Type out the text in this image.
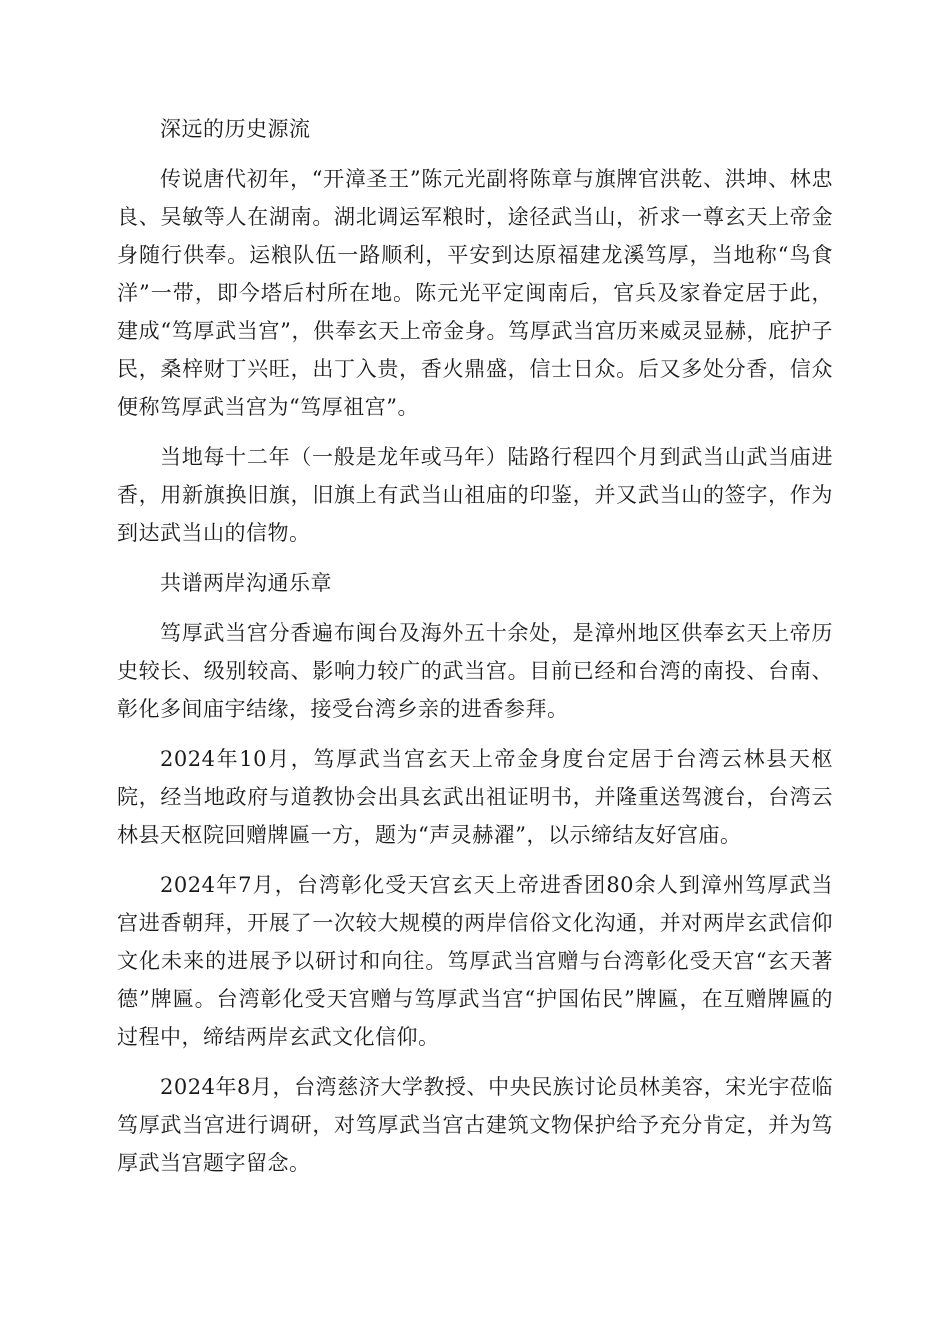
深远的历史源流

传说唐代初年，“开漳圣王”陈元光副将陈章与旗牌官洪乾、洪坤、林忠良、吴敏等人在湖南。湖北调运军粮时，途径武当山，祈求一尊玄天上帝金身随行供奉。运粮队伍一路顺利，平安到达原福建龙溪笃厚，当地称“鸟食洋”一带，即今塔后村所在地。陈元光平定闽南后，官兵及家眷定居于此，建成“笃厚武当宫”，供奉玄天上帝金身。笃厚武当宫历来威灵显赫，庇护子民，桑梓财丁兴旺，出丁入贵，香火鼎盛，信士日众。后又多处分香，信众便称笃厚武当宫为“笃厚祖宫”。

当地每十二年（一般是龙年或马年）陆路行程四个月到武当山武当庙进香，用新旗换旧旗，旧旗上有武当山祖庙的印鉴，并又武当山的签字，作为到达武当山的信物。

共谱两岸沟通乐章

笃厚武当宫分香遍布闽台及海外五十余处，是漳州地区供奉玄天上帝历史较长、级别较高、影响力较广的武当宫。目前已经和台湾的南投、台南、彰化多间庙宇结缘，接受台湾乡亲的进香参拜。

2024年10月，笃厚武当宫玄天上帝金身度台定居于台湾云林县天枢院，经当地政府与道教协会出具玄武出祖证明书，并隆重送驾渡台，台湾云林县天枢院回赠牌匾一方，题为“声灵赫濯”，以示缔结友好宫庙。

2024年7月，台湾彰化受天宫玄天上帝进香团80余人到漳州笃厚武当宫进香朝拜，开展了一次较大规模的两岸信俗文化沟通，并对两岸玄武信仰文化未来的进展予以研讨和向往。笃厚武当宫赠与台湾彰化受天宫“玄天著德”牌匾。台湾彰化受天宫赠与笃厚武当宫“护国佑民”牌匾，在互赠牌匾的过程中，缔结两岸玄武文化信仰。

2024年8月，台湾慈济大学教授、中央民族讨论员林美容，宋光宇莅临笃厚武当宫进行调研，对笃厚武当宫古建筑文物保护给予充分肯定，并为笃厚武当宫题字留念。
